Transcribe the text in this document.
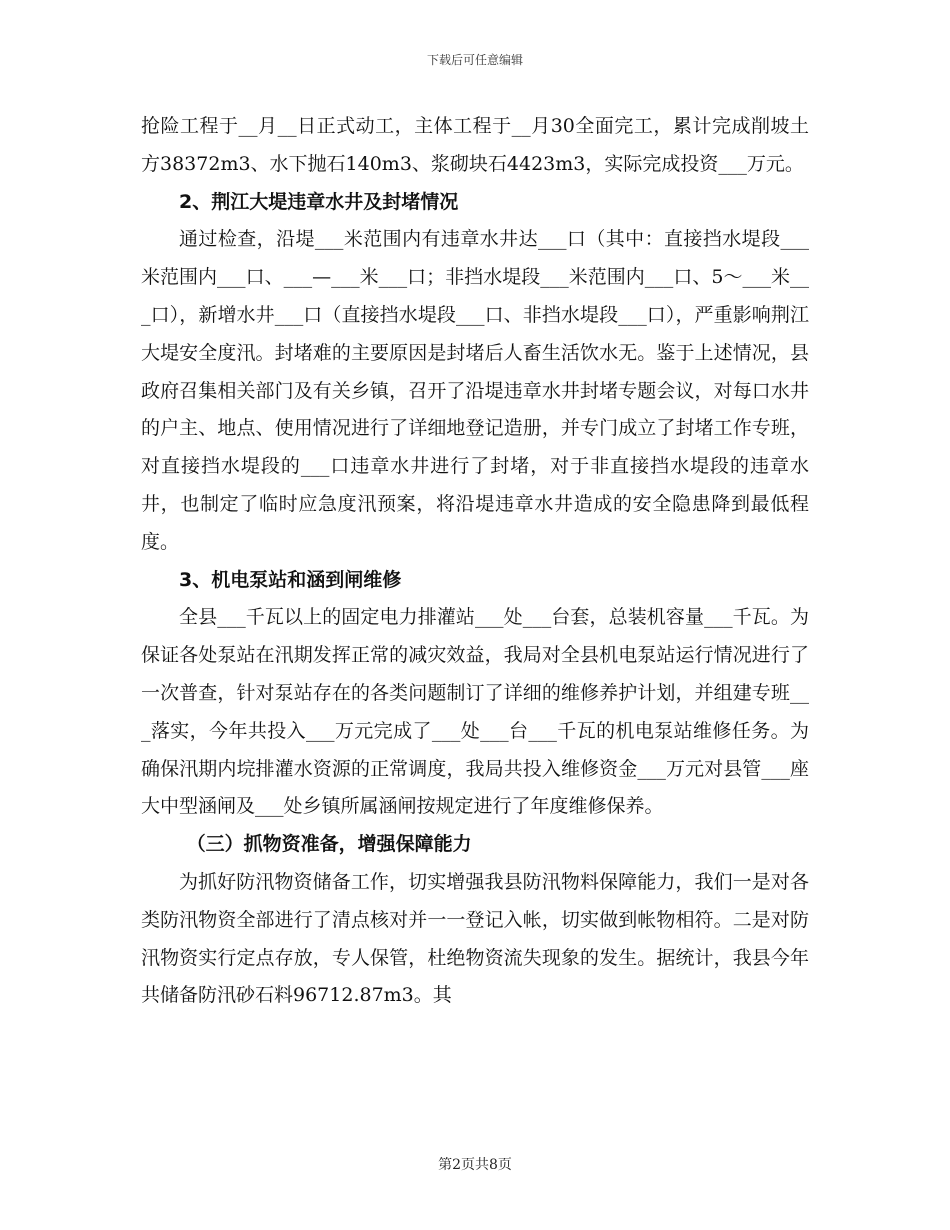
下载后可任意编辑

抢险工程于__月__日正式动工，主体工程于__月30全面完工，累计完成削坡土方38372m3、水下抛石140m3、浆砌块石4423m3，实际完成投资___万元。

2、荆江大堤违章水井及封堵情况

通过检查，沿堤___米范围内有违章水井达___口（其中：直接挡水堤段___米范围内___口、___—___米___口；非挡水堤段___米范围内___口、5～___米___口），新增水井___口（直接挡水堤段___口、非挡水堤段___口），严重影响荆江大堤安全度汛。封堵难的主要原因是封堵后人畜生活饮水无。鉴于上述情况，县政府召集相关部门及有关乡镇，召开了沿堤违章水井封堵专题会议，对每口水井的户主、地点、使用情况进行了详细地登记造册，并专门成立了封堵工作专班，对直接挡水堤段的___口违章水井进行了封堵，对于非直接挡水堤段的违章水井，也制定了临时应急度汛预案，将沿堤违章水井造成的安全隐患降到最低程度。

3、机电泵站和涵到闸维修

全县___千瓦以上的固定电力排灌站___处___台套，总装机容量___千瓦。为保证各处泵站在汛期发挥正常的减灾效益，我局对全县机电泵站运行情况进行了一次普查，针对泵站存在的各类问题制订了详细的维修养护计划，并组建专班___落实，今年共投入___万元完成了___处___台___千瓦的机电泵站维修任务。为确保汛期内垸排灌水资源的正常调度，我局共投入维修资金___万元对县管___座大中型涵闸及___处乡镇所属涵闸按规定进行了年度维修保养。

（三）抓物资准备，增强保障能力

为抓好防汛物资储备工作，切实增强我县防汛物料保障能力，我们一是对各类防汛物资全部进行了清点核对并一一登记入帐，切实做到帐物相符。二是对防汛物资实行定点存放，专人保管，杜绝物资流失现象的发生。据统计，我县今年共储备防汛砂石料96712.87m3。其

第2页共8页
